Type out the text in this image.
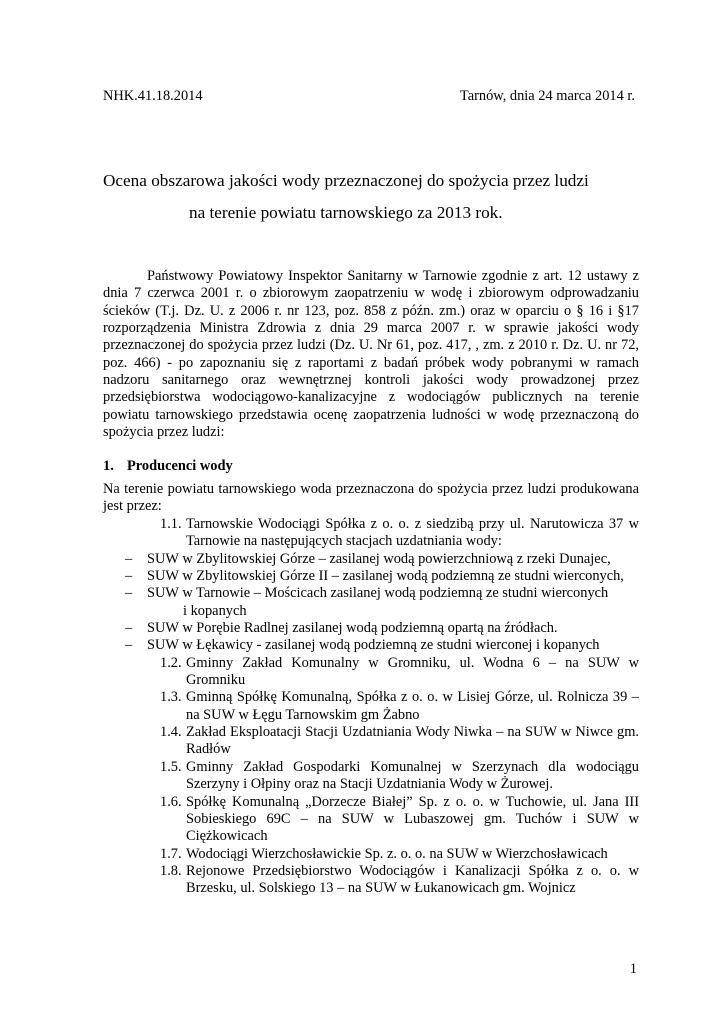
NHK.41.18.2014	Tarnów, dnia 24 marca 2014 r.
Ocena obszarowa jakości wody przeznaczonej do spożycia przez ludzi
na terenie powiatu tarnowskiego za 2013 rok.

Państwowy Powiatowy Inspektor Sanitarny w Tarnowie zgodnie z art. 12 ustawy z dnia 7 czerwca 2001 r. o zbiorowym zaopatrzeniu w wodę i zbiorowym odprowadzaniu ścieków (T.j. Dz. U. z 2006 r. nr 123, poz. 858 z późn. zm.) oraz w oparciu o § 16 i §17 rozporządzenia Ministra Zdrowia z dnia 29 marca 2007 r. w sprawie jakości wody przeznaczonej do spożycia przez ludzi (Dz. U. Nr 61, poz. 417, , zm. z 2010 r. Dz. U. nr 72, poz. 466) - po zapoznaniu się z raportami z badań próbek wody pobranymi w ramach nadzoru sanitarnego oraz wewnętrznej kontroli jakości wody prowadzonej przez przedsiębiorstwa wodociągowo-kanalizacyjne z wodociągów publicznych na terenie powiatu tarnowskiego przedstawia ocenę zaopatrzenia ludności w wodę przeznaczoną do spożycia przez ludzi:

1. Producenci wody

Na terenie powiatu tarnowskiego woda przeznaczona do spożycia przez ludzi produkowana jest przez:

1.1. Tarnowskie Wodociągi Spółka z o. o. z siedzibą przy ul. Narutowicza 37 w Tarnowie na następujących stacjach uzdatniania wody:
–	SUW w Zbylitowskiej Górze – zasilanej wodą powierzchniową z rzeki Dunajec,
–	SUW w Zbylitowskiej Górze II – zasilanej wodą podziemną ze studni wierconych,
–	SUW w Tarnowie – Mościcach zasilanej wodą podziemną ze studni wierconych
i kopanych
–	SUW w Porębie Radlnej zasilanej wodą podziemną opartą na źródłach.
–	SUW w Łękawicy - zasilanej wodą podziemną ze studni wierconej i kopanych
1.2. Gminny Zakład Komunalny w Gromniku, ul. Wodna 6 – na SUW w Gromniku
1.3. Gminną Spółkę Komunalną, Spółka z o. o. w Lisiej Górze, ul. Rolnicza 39 – na SUW w Łęgu Tarnowskim gm Żabno
1.4. Zakład Eksploatacji Stacji Uzdatniania Wody Niwka – na SUW w Niwce gm. Radłów
1.5. Gminny Zakład Gospodarki Komunalnej w Szerzynach dla wodociągu Szerzyny i Ołpiny oraz na Stacji Uzdatniania Wody w Żurowej.
1.6. Spółkę Komunalną „Dorzecze Białej” Sp. z o. o. w Tuchowie, ul. Jana III Sobieskiego 69C – na SUW w Lubaszowej gm. Tuchów i SUW w Ciężkowicach
1.7. Wodociągi Wierzchosławickie Sp. z. o. o. na SUW w Wierzchosławicach
1.8. Rejonowe Przedsiębiorstwo Wodociągów i Kanalizacji Spółka z o. o. w Brzesku, ul. Solskiego 13 – na SUW w Łukanowicach gm. Wojnicz
1
